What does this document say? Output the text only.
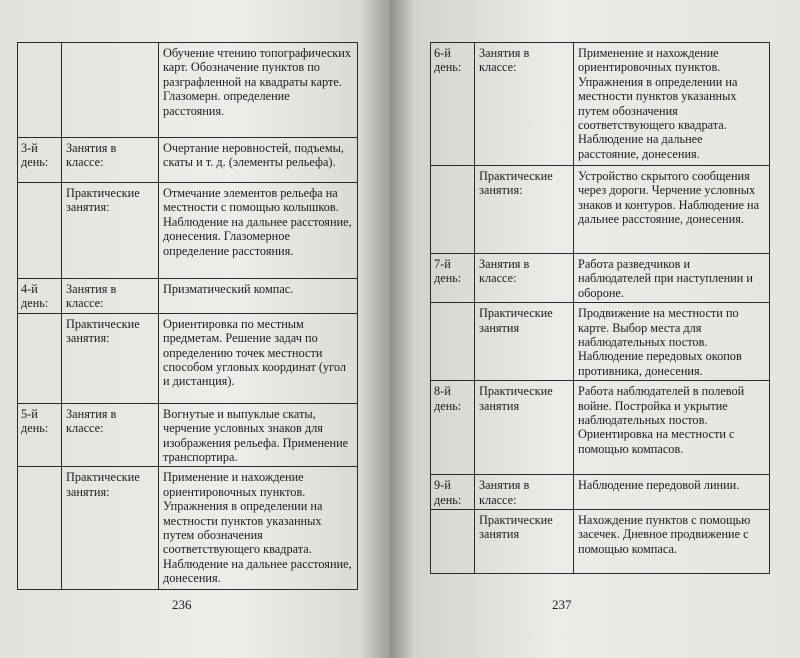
		Обучение чтению топографических карт. Обозначение пунктов по разграфленной на квадраты карте. Глазомерн. определение расстояния.
3-й день:	Занятия в классе:	Очертание неровностей, подъемы, скаты и т. д. (элементы рельефа).
	Практические занятия:	Отмечание элементов рельефа на местности с помощью колышков. Наблюдение на дальнее расстояние, донесения. Глазомерное определение расстояния.
4-й день:	Занятия в классе:	Призматический компас.
	Практические занятия:	Ориентировка по местным предметам. Решение задач по определению точек местности способом угловых координат (угол и дистанция).
5-й день:	Занятия в классе:	Вогнутые и выпуклые скаты, черчение условных знаков для изображения рельефа. Применение транспортира.
	Практические занятия:	Применение и нахождение ориентировочных пунктов. Упражнения в определении на местности пунктов указанных путем обозначения соответствующего квадрата. Наблюдение на дальнее расстояние, донесения.
236
6-й день:	Занятия в классе:	Применение и нахождение ориентировочных пунктов. Упражнения в определении на местности пунктов указанных путем обозначения соответствующего квадрата. Наблюдение на дальнее расстояние, донесения.
	Практические занятия:	Устройство скрытого сообщения через дороги. Черчение условных знаков и контуров. Наблюдение на дальнее расстояние, донесения.
7-й день:	Занятия в классе:	Работа разведчиков и наблюдателей при наступлении и обороне.
	Практические занятия	Продвижение на местности по карте. Выбор места для наблюдательных постов. Наблюдение передовых окопов противника, донесения.
8-й день:	Практические занятия	Работа наблюдателей в полевой войне. Постройка и укрытие наблюдательных постов. Ориентировка на местности с помощью компасов.
9-й день:	Занятия в классе:	Наблюдение передовой линии.
	Практические занятия	Нахождение пунктов с помощью засечек. Дневное продвижение с помощью компаса.
237
